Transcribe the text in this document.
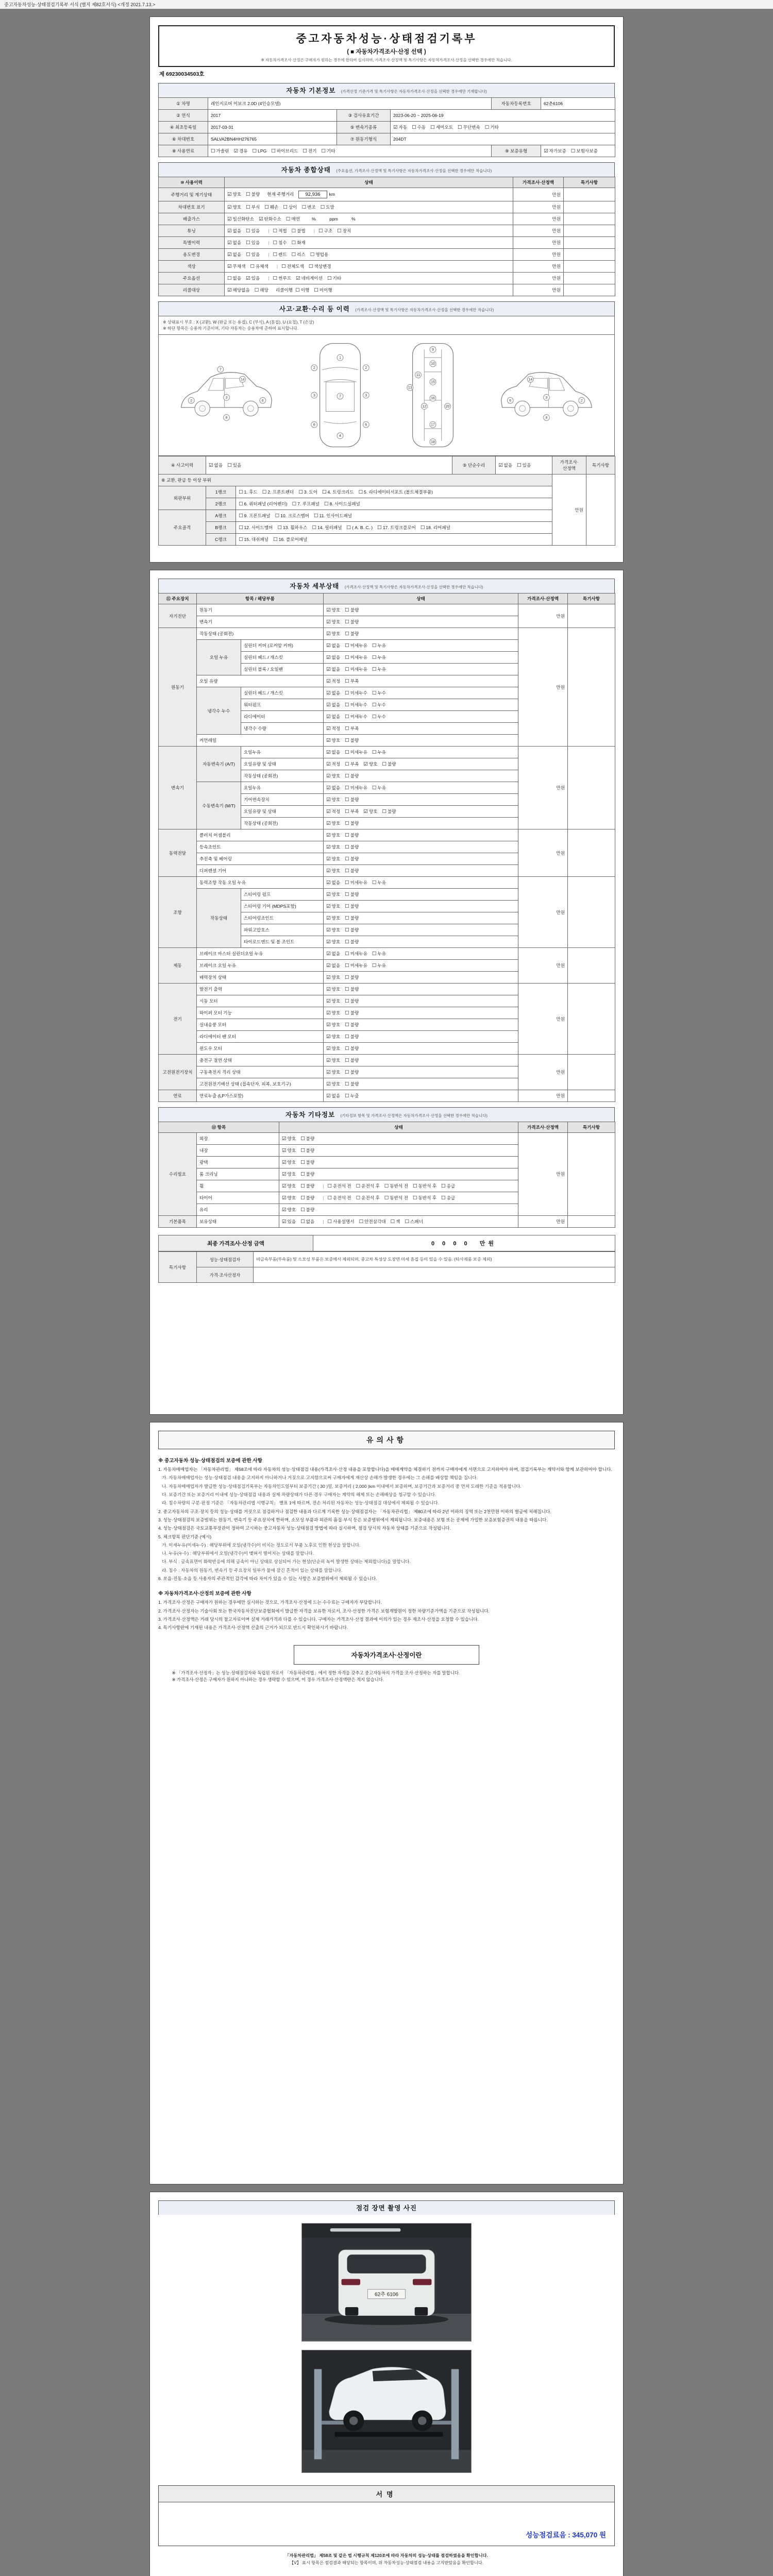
중고자동차성능·상태점검기록부 서식 (별지 제82호서식) <개정 2021.7.13.>
중고자동차성능·상태점검기록부
( ■ 자동차가격조사·산정 선택 )
※ 자동차가격조사·산정은 구매자가 원하는 경우에 한하여 실시하며, 가격조사·산정액 및 특기사항은 자동차가격조사·산정을 선택한 경우에만 적습니다.
제 69230034503호
자동차 기본정보 (가격산정 기준가격 및 특기사항은 자동차가격조사·산정을 선택한 경우에만 기재합니다)
① 차명	레인지로버 이보크 2.0D (4인승모델)			자동차등록번호	62춘6106
② 연식	2017	③ 검사유효기간	2023-06-20 ~ 2025-06-19		
④ 최초등록일	2017-03-31	⑤ 변속기종류	☑ 자동 ☐ 수동 ☐ 세미오토 ☐ 무단변속 ☐ 기타		
⑥ 차대번호	SALVA2BN4HH276765	⑦ 원동기형식	204DT		
⑧ 사용연료	☐ 가솔린 ☑ 경유 ☐ LPG ☐ 하이브리드 ☐ 전기 ☐ 기타			⑨ 보증유형	☑ 자가보증 ☐ 보험사보증
자동차 종합상태 (주요옵션, 가격조사·산정액 및 특기사항은 자동차가격조사·산정을 선택한 경우에만 적습니다)
⑩ 사용이력	상태	가격조사·산정액	특기사항
주행거리 및 계기상태	☑ 양호 ☐ 불량 현재 주행거리 92,936 km	만원	
차대번호 표기	☑ 양호 ☐ 부식 ☐ 훼손 ☐ 상이 ☐ 변조 ☐ 도말	만원	
배출가스	☑ 일산화탄소 ☑ 탄화수소 ☐ 매연      %           ppm           %	만원	
튜닝	☑ 없음 ☐ 있음 | ☐ 적법 ☐ 불법 | ☐ 구조 ☐ 장치	만원	
특별이력	☑ 없음 ☐ 있음 | ☐ 침수 ☐ 화재	만원	
용도변경	☑ 없음 ☐ 있음 | ☐ 렌트 ☐ 리스 ☐ 영업용	만원	
색상	☑ 무채색 ☐ 유채색 | ☐ 전체도색 ☐ 색상변경	만원	
주요옵션	☐ 없음 ☑ 있음 | ☐ 썬루프 ☑ 네비게이션 ☐ 기타	만원	
리콜대상	☑ 해당없음 ☐ 해당 리콜이행 ☐ 이행 ☐ 미이행	만원	
사고·교환·수리 등 이력 (가격조사·산정액 및 특기사항은 자동차가격조사·산정을 선택한 경우에만 적습니다)
※ 상태표시 부호 : X (교환), W (판금 또는 용접), C (부식), A (흠집), U (요철), T (손상)
※ 하단 항목은 승용차 기준이며, 기타 자동차는 승용차에 준하여 표시합니다.
2
3
6
8
14
7
1
7
4
2
3
6
2
3
6
9
10
11
13
12
15
16
17
18
20
2
3
6
8
14
④ 사고이력	☑ 없음 ☐ 있음		⑤ 단순수리	☑ 없음 ☐ 있음	가격조사·산정액	특기사항
⑥ 교환, 판금 등 이상 부위					만원	
외판부위	1랭크	☐ 1. 후드 ☐ 2. 프론트펜더 ☐ 3. 도어 ☐ 4. 트렁크리드 ☐ 5. 라디에이터서포트 (볼트체결부품)				
	2랭크	☐ 6. 쿼터패널 (리어펜더) ☐ 7. 루프패널 ☐ 8. 사이드실패널				
주요골격	A랭크	☐ 9. 프론트패널 ☐ 10. 크로스멤버 ☐ 11. 인사이드패널				
	B랭크	☐ 12. 사이드멤버 ☐ 13. 휠하우스 ☐ 14. 필러패널 ☐ ( A. B. C. ) ☐ 17. 트렁크플로어 ☐ 18. 리어패널				
	C랭크	☐ 15. 대쉬패널 ☐ 16. 플로어패널				
자동차 세부상태 (가격조사·산정액 및 특기사항은 자동차가격조사·산정을 선택한 경우에만 적습니다)
⑪ 주요장치	항목 / 해당부품		상태	가격조사·산정액	특기사항
자기진단	원동기		☑ 양호 ☐ 불량	만원	
	변속기		☑ 양호 ☐ 불량		
원동기	작동상태 (공회전)		☑ 양호 ☐ 불량	만원	
	오일 누유	실린더 커버 (로커암 커버)	☑ 없음 ☐ 미세누유 ☐ 누유		
		실린더 헤드 / 개스킷	☑ 없음 ☐ 미세누유 ☐ 누유		
		실린더 블록 / 오일팬	☑ 없음 ☐ 미세누유 ☐ 누유		
	오일 유량		☑ 적정 ☐ 부족		
	냉각수 누수	실린더 헤드 / 개스킷	☑ 없음 ☐ 미세누수 ☐ 누수		
		워터펌프	☑ 없음 ☐ 미세누수 ☐ 누수		
		라디에이터	☑ 없음 ☐ 미세누수 ☐ 누수		
		냉각수 수량	☑ 적정 ☐ 부족		
	커먼레일		☑ 양호 ☐ 불량		
변속기	자동변속기 (A/T)	오일누유	☑ 없음 ☐ 미세누유 ☐ 누유	만원	
		오일유량 및 상태	☑ 적정 ☐ 부족 ☑ 양호 ☐ 불량		
		작동상태 (공회전)	☑ 양호 ☐ 불량		
	수동변속기 (M/T)	오일누유	☑ 없음 ☐ 미세누유 ☐ 누유		
		기어변속장치	☑ 양호 ☐ 불량		
		오일유량 및 상태	☑ 적정 ☐ 부족 ☑ 양호 ☐ 불량		
		작동상태 (공회전)	☑ 양호 ☐ 불량		
동력전달	클러치 어셈블리		☑ 양호 ☐ 불량	만원	
	등속조인트		☑ 양호 ☐ 불량		
	추진축 및 베어링		☑ 양호 ☐ 불량		
	디퍼렌셜 기어		☑ 양호 ☐ 불량		
조향	동력조향 작동 오일 누유		☑ 없음 ☐ 미세누유 ☐ 누유	만원	
	작동상태	스티어링 펌프	☑ 양호 ☐ 불량		
		스티어링 기어 (MDPS포함)	☑ 양호 ☐ 불량		
		스티어링조인트	☑ 양호 ☐ 불량		
		파워고압호스	☑ 양호 ☐ 불량		
		타이로드엔드 및 볼 조인트	☑ 양호 ☐ 불량		
제동	브레이크 마스터 실린더오일 누유		☑ 없음 ☐ 미세누유 ☐ 누유	만원	
	브레이크 오일 누유		☑ 없음 ☐ 미세누유 ☐ 누유		
	배력장치 상태		☑ 양호 ☐ 불량		
전기	발전기 출력		☑ 양호 ☐ 불량	만원	
	시동 모터		☑ 양호 ☐ 불량		
	와이퍼 모터 기능		☑ 양호 ☐ 불량		
	실내송풍 모터		☑ 양호 ☐ 불량		
	라디에이터 팬 모터		☑ 양호 ☐ 불량		
	윈도우 모터		☑ 양호 ☐ 불량		
고전원전기장치	충전구 절연 상태		☑ 양호 ☐ 불량	만원	
	구동축전지 격리 상태		☑ 양호 ☐ 불량		
	고전원전기배선 상태 (접속단자, 피복, 보호기구)		☑ 양호 ☐ 불량		
연료	연료누출 (LP가스포함)		☑ 없음 ☐ 누출	만원	
자동차 기타정보 (기타정보 항목 및 가격조사·산정액은 자동차가격조사·산정을 선택한 경우에만 적습니다)
⑫ 항목		상태	가격조사·산정액	특기사항
수리필요	외장	☑ 양호 ☐ 불량	만원	
	내장	☑ 양호 ☐ 불량		
	광택	☑ 양호 ☐ 불량		
	룸 크리닝	☑ 양호 ☐ 불량		
	휠	☑ 양호 ☐ 불량 | ☐ 운전석 전 ☐ 운전석 후 ☐ 동반석 전 ☐ 동반석 후 ☐ 응급		
	타이어	☑ 양호 ☐ 불량 | ☐ 운전석 전 ☐ 운전석 후 ☐ 동반석 전 ☐ 동반석 후 ☐ 응급		
	유리	☑ 양호 ☐ 불량		
기본품목	보유상태	☑ 있음 ☐ 없음 | ☐ 사용설명서 ☐ 안전삼각대 ☐ 잭 ☐ 스패너	만원	
최종 가격조사·산정 금액	0 0 0 0 만원
특기사항	성능·상태점검자	비금속부품(부속품) 및 소모성 부품은 보증에서 제외되며, 중고차 특성상 도장면 미세 흠집 등이 있을 수 있음. (타사제품 보증 제외)
	가격·조사산정자	
유의사항
※ 중고자동차 성능·상태점검의 보증에 관한 사항
1. 자동차매매업자는 「자동차관리법」 제58조에 따라 자동차의 성능·상태점검 내용(가격조사·산정 내용을 포함합니다)을 매매계약을 체결하기 전까지 구매자에게 서면으로 고지하여야 하며, 점검기록부는 계약서와 함께 보관하여야 합니다.
가. 자동차매매업자는 성능·상태점검 내용을 고지하지 아니하거나 거짓으로 고지함으로써 구매자에게 재산상 손해가 발생한 경우에는 그 손해를 배상할 책임을 집니다.
나. 자동차매매업자가 발급한 성능·상태점검기록부는 자동차인도일부터 보증기간 ( 30 )일, 보증거리 ( 2,000 )km 이내에서 보증하며, 보증기간과 보증거리 중 먼저 도래한 기준을 적용합니다.
다. 보증기간 또는 보증거리 이내에 성능·상태점검 내용과 실제 차량상태가 다른 경우 구매자는 계약의 해제 또는 손해배상을 청구할 수 있습니다.
라. 침수차량의 구분·판정 기준은 「자동차관리법 시행규칙」 별표 1에 따르며, 전손 처리된 자동차는 성능·상태점검 대상에서 제외될 수 있습니다.
2. 중고자동차의 구조·장치 등의 성능·상태를 거짓으로 점검하거나 점검한 내용과 다르게 기록한 성능·상태점검자는 「자동차관리법」 제80조에 따라 2년 이하의 징역 또는 2천만원 이하의 벌금에 처해집니다.
3. 성능·상태점검의 보증범위는 원동기, 변속기 등 주요장치에 한하며, 소모성 부품과 외관의 흠집·부식 등은 보증범위에서 제외됩니다. 보증내용은 보험 또는 공제에 가입한 보증보험증권의 내용을 따릅니다.
4. 성능·상태점검은 국토교통부장관이 정하여 고시하는 중고자동차 성능·상태점검 방법에 따라 실시하며, 점검 당시의 자동차 상태를 기준으로 작성됩니다.
5. 체크항목 판단기준 (예시)
가. 미세누유(미세누수) : 해당부위에 오일(냉각수)이 비치는 정도로서 부품 노후로 인한 현상을 말합니다.
나. 누유(누수) : 해당부위에서 오일(냉각수)이 맺혀서 떨어지는 상태를 말합니다.
다. 부식 : 금속표면이 화학반응에 의해 금속이 아닌 상태로 상실되어 가는 현상(단순히 녹이 발생한 상태는 제외합니다)을 말합니다.
라. 침수 : 자동차의 원동기, 변속기 등 주요장치 일부가 물에 잠긴 흔적이 있는 상태를 말합니다.
6. 쏘음·진동·소음 등 사용자의 주관적인 감각에 따라 차이가 있을 수 있는 사항은 보증범위에서 제외될 수 있습니다.
※ 자동차가격조사·산정의 보증에 관한 사항
1. 가격조사·산정은 구매자가 원하는 경우에만 실시하는 것으로, 가격조사·산정에 드는 수수료는 구매자가 부담합니다.
2. 가격조사·산정자는 기술사회 또는 한국자동차진단보증협회에서 발급한 자격을 보유한 자로서, 조사·산정한 가격은 보험개발원이 정한 차량기준가액을 기준으로 작성됩니다.
3. 가격조사·산정액은 거래 당시의 참고자료이며 실제 거래가격과 다를 수 있습니다. 구매자는 가격조사·산정 결과에 이의가 있는 경우 재조사·산정을 요청할 수 있습니다.
4. 특기사항란에 기재된 내용은 가격조사·산정액 산출의 근거가 되므로 반드시 확인하시기 바랍니다.
자동차가격조사·산정이란
※ 「가격조사·산정자」는 성능·상태점검자와 독립된 자로서 「자동차관리법」에서 정한 자격을 갖추고 중고자동차의 가격을 조사·산정하는 자를 말합니다.
※ 가격조사·산정은 구매자가 원하지 아니하는 경우 생략할 수 있으며, 이 경우 가격조사·산정액란은 적지 않습니다.
점검 장면 촬영 사진
62추 6106
서명
성능점검료음 : 345,070 원
「자동차관리법」 제58조 및 같은 법 시행규칙 제120조에 따라 자동차의 성능·상태를 점검하였음을 확인합니다.
【V】 표시 항목은 점검결과 해당되는 항목이며, 위 자동차성능·상태점검 내용을 고지받았음을 확인합니다.
